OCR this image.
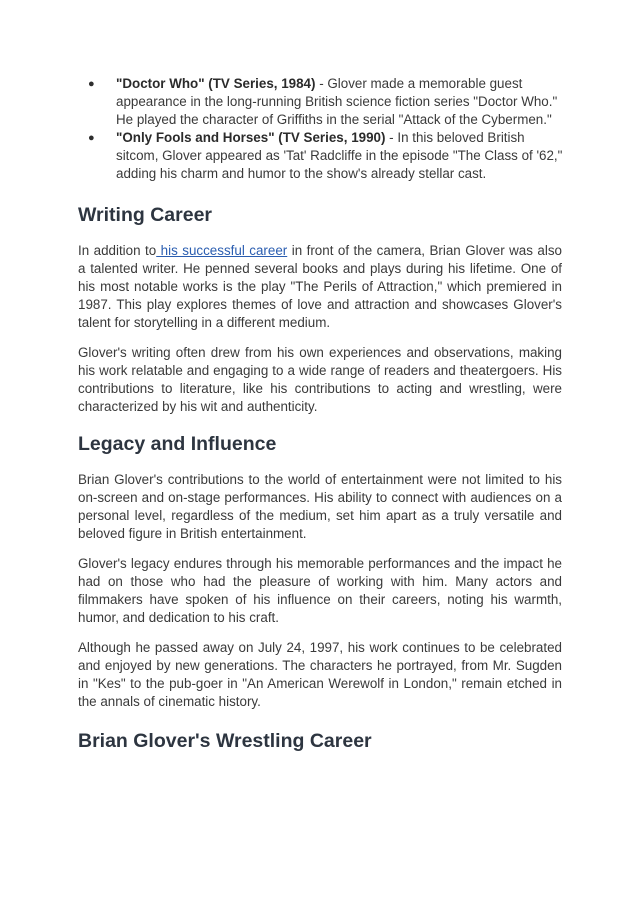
● "Doctor Who" (TV Series, 1984) - Glover made a memorable guest appearance in the long-running British science fiction series "Doctor Who." He played the character of Griffiths in the serial "Attack of the Cybermen."
● "Only Fools and Horses" (TV Series, 1990) - In this beloved British sitcom, Glover appeared as 'Tat' Radcliffe in the episode "The Class of '62," adding his charm and humor to the show's already stellar cast.
Writing Career

In addition to his successful career in front of the camera, Brian Glover was also a talented writer. He penned several books and plays during his lifetime. One of his most notable works is the play "The Perils of Attraction," which premiered in 1987. This play explores themes of love and attraction and showcases Glover's talent for storytelling in a different medium.

Glover's writing often drew from his own experiences and observations, making his work relatable and engaging to a wide range of readers and theatergoers. His contributions to literature, like his contributions to acting and wrestling, were characterized by his wit and authenticity.

Legacy and Influence

Brian Glover's contributions to the world of entertainment were not limited to his on-screen and on-stage performances. His ability to connect with audiences on a personal level, regardless of the medium, set him apart as a truly versatile and beloved figure in British entertainment.

Glover's legacy endures through his memorable performances and the impact he had on those who had the pleasure of working with him. Many actors and filmmakers have spoken of his influence on their careers, noting his warmth, humor, and dedication to his craft.

Although he passed away on July 24, 1997, his work continues to be celebrated and enjoyed by new generations. The characters he portrayed, from Mr. Sugden in "Kes" to the pub-goer in "An American Werewolf in London," remain etched in the annals of cinematic history.

Brian Glover's Wrestling Career
